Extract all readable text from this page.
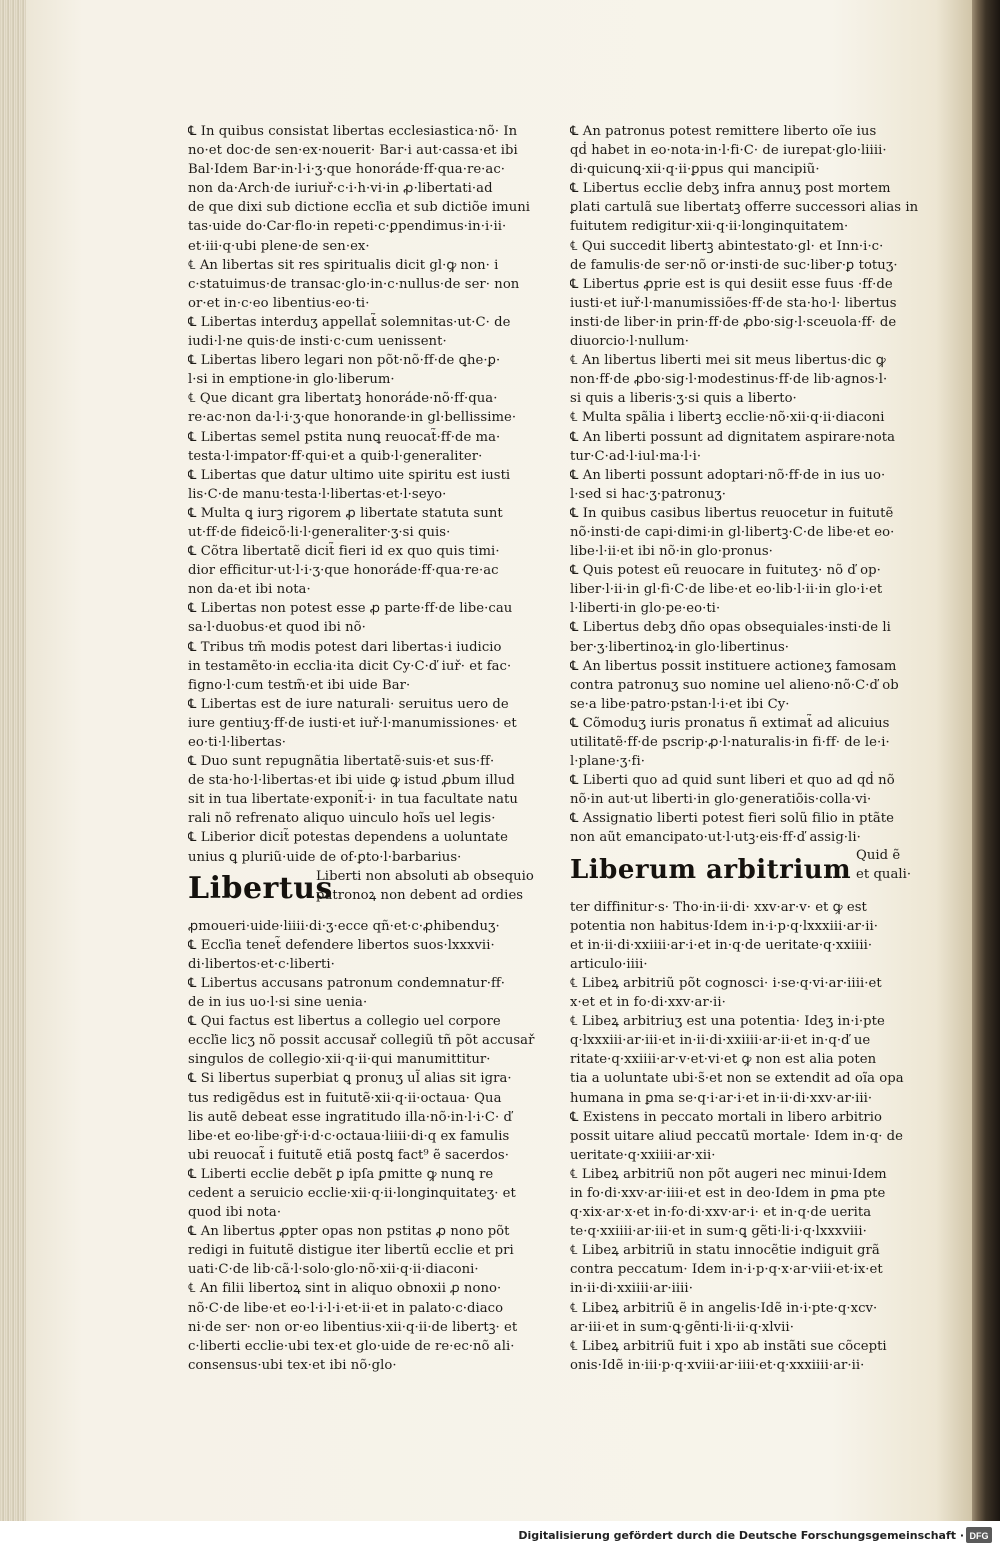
℄ In quibus consistat libertas ecclesiastica·nõ· In
no·et doc·de sen·ex·nouerit· Bar·i aut·cassa·et ibi
Bal·Idem Bar·in·l·i·ʒ·que honoráde·ff·qua·re·ac·
non da·Arch·de iuriuř·c·i·h·vi·in ꝓ·libertati·ad
de que dixi sub dictione eccľia et sub dictiõe imuni
tas·uide do·Car·flo·in repeti·c·ꝑpendimus·in·i·ii·
et·iii·q·ubi plene·de sen·ex·
℄ An libertas sit res spiritualis dicit gl·ꝙ non· i
c·statuimus·de transac·glo·in·c·nullus·de ser· non
or·et in·c·eo libentius·eo·ti·
℄ Libertas interduʒ appellat̃ solemnitas·ut·C· de
iudi·l·ne quis·de insti·c·cum uenissent·
℄ Libertas libero legari non põt·nõ·ff·de ꝗhe·ꝑ·
l·si in emptione·in glo·liberum·
℄ Que dicant gra libertatꝫ honoráde·nõ·ff·qua·
re·ac·non da·l·i·ʒ·que honorande·in gl·bellissime·
℄ Libertas semel pstita nunꝗ reuocat̃·ff·de ma·
testa·l·impator·ff·qui·et a quib·l·generaliter·
℄ Libertas que datur ultimo uite spiritu est iusti
lis·C·de manu·testa·l·libertas·et·l·seyo·
℄ Multa ꝗ iurꝫ rigorem ꝓ libertate statuta sunt
ut·ff·de fideicõ·li·l·generaliter·ʒ·si quis·
℄ Cõtra libertatẽ dicit̃ fieri id ex quo quis timi·
dior efficitur·ut·l·i·ʒ·que honoráde·ff·qua·re·ac
non da·et ibi nota·
℄ Libertas non potest esse ꝓ parte·ff·de libe·cau
sa·l·duobus·et quod ibi nõ·
℄ Tribus tm̃ modis potest dari libertas·i iudicio
in testamẽto·in ecclia·ita dicit Cy·C·ď iuř· et fac·
figno·l·cum testm̃·et ibi uide Bar·
℄ Libertas est de iure naturali· seruitus uero de
iure gentiuʒ·ff·de iusti·et iuř·l·manumissiones· et
eo·ti·l·libertas·
℄ Duo sunt repugnãtia libertatẽ·suis·et sus·ff·
de sta·ho·l·libertas·et ibi uide ꝙ istud ꝓbum illud
sit in tua libertate·exponit̃·i· in tua facultate natu
rali nõ refrenato aliquo uinculo hoĩs uel legis·
℄ Liberior dicit̃ potestas dependens a uoluntate
unius ꝗ pluriũ·uide de of·ꝑto·l·barbarius·
Libertus
Liberti non absoluti ab obsequio
patronoꝝ non debent ad ordies
ꝓmoueri·uide·liiii·di·ʒ·ecce qñ·et·c·ꝓhibenduʒ·
℄ Eccľia tenet̃ defendere libertos suos·lxxxvii·
di·libertos·et·c·liberti·
℄ Libertus accusans patronum condemnatur·ff·
de in ius uo·l·si sine uenia·
℄ Qui factus est libertus a collegio uel corpore
eccľie licʒ nõ possit accusař collegiũ tñ põt accusař
singulos de collegio·xii·q·ii·qui manumittitur·
℄ Si libertus superbiat ꝗ pronuʒ ul̃ alias sit igra·
tus redigẽdus est in fuitutẽ·xii·q·ii·octaua· Qua
lis autẽ debeat esse ingratitudo illa·nõ·in·l·i·C· ď
libe·et eo·libe·gř·i·d·c·octaua·liiii·di·q ex famulis
ubi reuocat̃ i fuitutẽ etiã postꝗ fact⁹ ẽ sacerdos·
℄ Liberti ecclie debẽt ꝑ ipſa ꝑmitte ꝙ nunꝗ re
cedent a seruicio ecclie·xii·q·ii·longinquitateʒ· et
quod ibi nota·
℄ An libertus ꝓpter opas non pstitas ꝓ nono põt
redigi in fuitutẽ distigue iter libertũ ecclie et pri
uati·C·de lib·cã·l·solo·glo·nõ·xii·q·ii·diaconi·
℄ An filii libertoꝝ sint in aliquo obnoxii ꝓ nono·
nõ·C·de libe·et eo·l·i·l·i·et·ii·et in palato·c·diaco
ni·de ser· non or·eo libentius·xii·q·ii·de libertꝫ· et
c·liberti ecclie·ubi tex·et glo·uide de re·ec·nõ ali·
consensus·ubi tex·et ibi nõ·glo·
℄ An patronus potest remittere liberto oĩe ius
qḋ habet in eo·nota·in·l·fi·C· de iurepat·glo·liiii·
di·quicunꝗ·xii·q·ii·ꝑpus qui mancipiũ·
℄ Libertus ecclie debʒ infra annuʒ post mortem
ꝑlati cartulã sue libertatꝫ offerre successori alias in
fuitutem redigitur·xii·q·ii·longinquitatem·
℄ Qui succedit libertꝫ abintestato·gl· et Inn·i·c·
de famulis·de ser·nõ or·insti·de suc·liber·ꝑ totuʒ·
℄ Libertus ꝓprie est is qui desiit esse fuus ·ff·de
iusti·et iuř·l·manumissiões·ff·de sta·ho·l· libertus
insti·de liber·in prin·ff·de ꝓbo·sig·l·sceuola·ff· de
diuorcio·l·nullum·
℄ An libertus liberti mei sit meus libertus·dic ꝙ
non·ff·de ꝓbo·sig·l·modestinus·ff·de lib·agnos·l·
si quis a liberis·ʒ·si quis a liberto·
℄ Multa spãlia i libertꝫ ecclie·nõ·xii·q·ii·diaconi
℄ An liberti possunt ad dignitatem aspirare·nota
tur·C·ad·l·iul·ma·l·i·
℄ An liberti possunt adoptari·nõ·ff·de in ius uo·
l·sed si hac·ʒ·patronuʒ·
℄ In quibus casibus libertus reuocetur in fuitutẽ
nõ·insti·de capi·dimi·in gl·libertꝫ·C·de libe·et eo·
libe·l·ii·et ibi nõ·in glo·pronus·
℄ Quis potest eũ reuocare in fuituteʒ· nõ ď op·
liber·l·ii·in gl·fi·C·de libe·et eo·lib·l·ii·in glo·i·et
l·liberti·in glo·pe·eo·ti·
℄ Libertus debʒ dño opas obsequiales·insti·de li
ber·ʒ·libertinoꝝ·in glo·libertinus·
℄ An libertus possit instituere actioneʒ famosam
contra patronuʒ suo nomine uel alieno·nõ·C·ď ob
se·a libe·patro·pstan·l·i·et ibi Cy·
℄ Cõmoduʒ iuris pronatus ñ extimat̃ ad alicuius
utilitatẽ·ff·de pscrip·ꝓ·l·naturalis·in fi·ff· de le·i·
l·plane·ʒ·fi·
℄ Liberti quo ad quid sunt liberi et quo ad qḋ nõ
nõ·in aut·ut liberti·in glo·generatiõis·colla·vi·
℄ Assignatio liberti potest fieri solũ filio in ptãte
non aũt emancipato·ut·l·utꝫ·eis·ff·ď assig·li·
Liberum arbitrium Quid ẽ
et quali·
ter diffinitur·s· Tho·in·ii·di· xxv·ar·v· et ꝙ est
potentia non habitus·Idem in·i·p·q·lxxxiii·ar·ii·
et in·ii·di·xxiiii·ar·i·et in·q·de ueritate·q·xxiiii·
articulo·iiii·
℄ Libeꝝ arbitriũ põt cognosci· i·se·q·vi·ar·iiii·et
x·et et in fo·di·xxv·ar·ii·
℄ Libeꝝ arbitriuʒ est una potentia· Ideʒ in·i·pte
q·lxxxiii·ar·iii·et in·ii·di·xxiiii·ar·ii·et in·q·ď ue
ritate·q·xxiiii·ar·v·et·vi·et ꝙ non est alia poten
tia a uoluntate ubi·s̃·et non se extendit ad oĩa opa
humana in ꝑma se·q·i·ar·i·et in·ii·di·xxv·ar·iii·
℄ Existens in peccato mortali in libero arbitrio
possit uitare aliud peccatũ mortale· Idem in·q· de
ueritate·q·xxiiii·ar·xii·
℄ Libeꝝ arbitriũ non põt augeri nec minui·Idem
in fo·di·xxv·ar·iiii·et est in deo·Idem in ꝑma pte
q·xix·ar·x·et in·fo·di·xxv·ar·i· et in·q·de uerita
te·q·xxiiii·ar·iii·et in sum·ꝗ gẽti·li·i·q·lxxxviii·
℄ Libeꝝ arbitriũ in statu innocẽtie indiguit grã
contra peccatum· Idem in·i·p·q·x·ar·viii·et·ix·et
in·ii·di·xxiiii·ar·iiii·
℄ Libeꝝ arbitriũ ẽ in angelis·Idẽ in·i·pte·q·xcv·
ar·iii·et in sum·ꝗ·gẽnti·li·ii·q·xlvii·
℄ Libeꝝ arbitriũ fuit i xpo ab instãti sue cõcepti
onis·Idẽ in·iii·p·q·xviii·ar·iiii·et·q·xxxiiii·ar·ii·
Digitalisierung gefördert durch die Deutsche Forschungsgemeinschaft · DFG
